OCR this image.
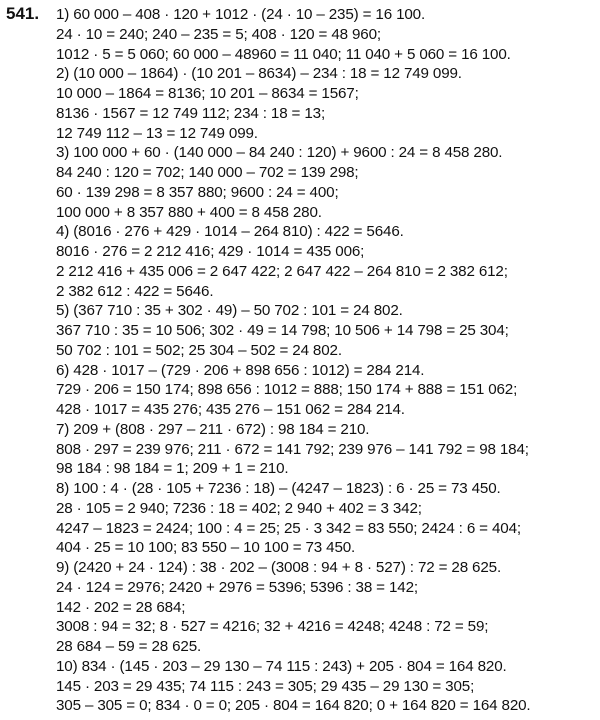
541. 1) 60 000 – 408 · 120 + 1012 · (24 · 10 – 235) = 16 100.
24 · 10 = 240; 240 – 235 = 5; 408 · 120 = 48 960;
1012 · 5 = 5 060; 60 000 – 48960 = 11 040; 11 040 + 5 060 = 16 100.
2) (10 000 – 1864) · (10 201 – 8634) – 234 : 18 = 12 749 099.
10 000 – 1864 = 8136; 10 201 – 8634 = 1567;
8136 · 1567 = 12 749 112; 234 : 18 = 13;
12 749 112 – 13 = 12 749 099.
3) 100 000 + 60 · (140 000 – 84 240 : 120) + 9600 : 24 = 8 458 280.
84 240 : 120 = 702; 140 000 – 702 = 139 298;
60 · 139 298 = 8 357 880; 9600 : 24 = 400;
100 000 + 8 357 880 + 400 = 8 458 280.
4) (8016 · 276 + 429 · 1014 – 264 810) : 422 = 5646.
8016 · 276 = 2 212 416; 429 · 1014 = 435 006;
2 212 416 + 435 006 = 2 647 422; 2 647 422 – 264 810 = 2 382 612;
2 382 612 : 422 = 5646.
5) (367 710 : 35 + 302 · 49) – 50 702 : 101 = 24 802.
367 710 : 35 = 10 506; 302 · 49 = 14 798; 10 506 + 14 798 = 25 304;
50 702 : 101 = 502; 25 304 – 502 = 24 802.
6) 428 · 1017 – (729 · 206 + 898 656 : 1012) = 284 214.
729 · 206 = 150 174; 898 656 : 1012 = 888; 150 174 + 888 = 151 062;
428 · 1017 = 435 276; 435 276 – 151 062 = 284 214.
7) 209 + (808 · 297 – 211 · 672) : 98 184 = 210.
808 · 297 = 239 976; 211 · 672 = 141 792; 239 976 – 141 792 = 98 184;
98 184 : 98 184 = 1; 209 + 1 = 210.
8) 100 : 4 · (28 · 105 + 7236 : 18) – (4247 – 1823) : 6 · 25 = 73 450.
28 · 105 = 2 940; 7236 : 18 = 402; 2 940 + 402 = 3 342;
4247 – 1823 = 2424; 100 : 4 = 25; 25 · 3 342 = 83 550; 2424 : 6 = 404;
404 · 25 = 10 100; 83 550 – 10 100 = 73 450.
9) (2420 + 24 · 124) : 38 · 202 – (3008 : 94 + 8 · 527) : 72 = 28 625.
24 · 124 = 2976; 2420 + 2976 = 5396; 5396 : 38 = 142;
142 · 202 = 28 684;
3008 : 94 = 32; 8 · 527 = 4216; 32 + 4216 = 4248; 4248 : 72 = 59;
28 684 – 59 = 28 625.
10) 834 · (145 · 203 – 29 130 – 74 115 : 243) + 205 · 804 = 164 820.
145 · 203 = 29 435; 74 115 : 243 = 305; 29 435 – 29 130 = 305;
305 – 305 = 0; 834 · 0 = 0; 205 · 804 = 164 820; 0 + 164 820 = 164 820.
